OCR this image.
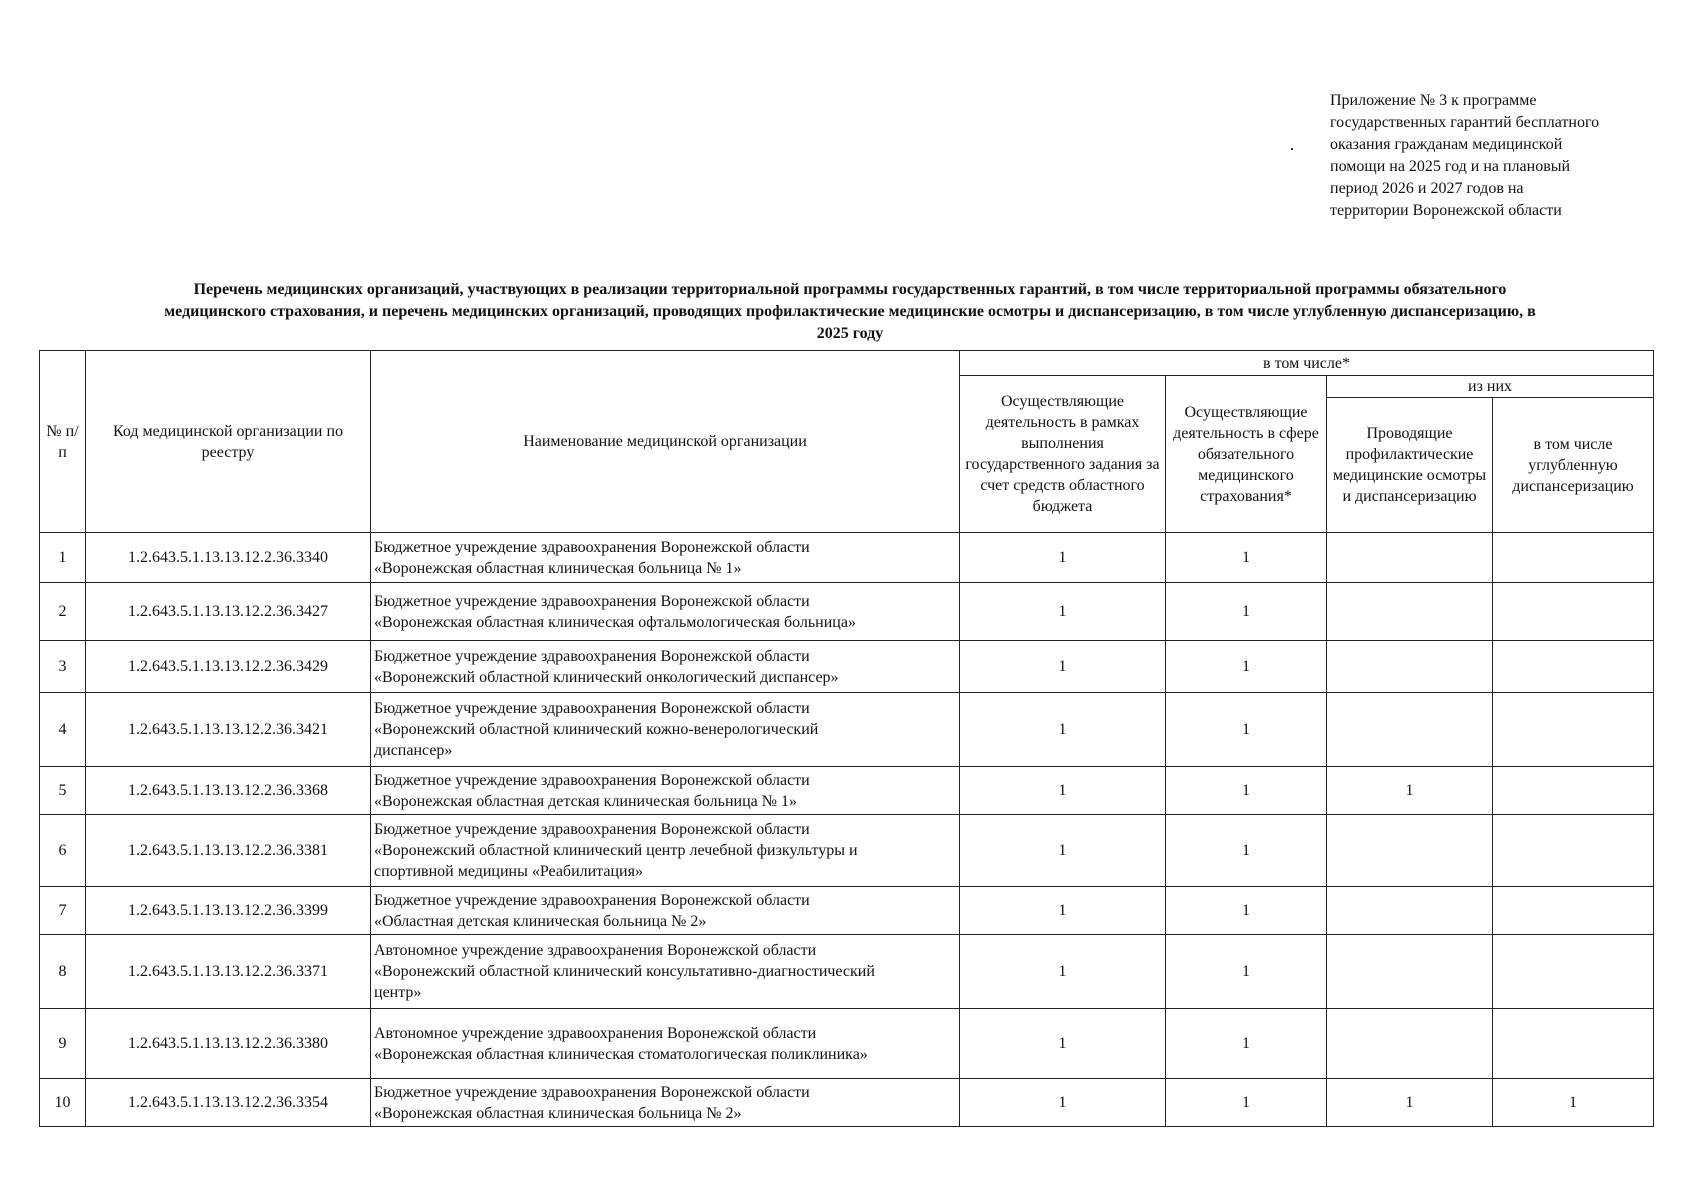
Приложение № 3 к программе
государственных гарантий бесплатного
оказания гражданам медицинской
помощи на 2025 год и на плановый
период 2026 и 2027 годов на
территории Воронежской области
Перечень медицинских организаций, участвующих в реализации территориальной программы государственных гарантий, в том числе территориальной программы обязательного
медицинского страхования, и перечень медицинских организаций, проводящих профилактические медицинские осмотры и диспансеризацию, в том числе углубленную диспансеризацию, в
2025 году
№ п/п	Код медицинской организации по реестру	Наименование медицинской организации	в том числе*			
			Осуществляющие деятельность в рамках выполнения государственного задания за счет средств областного бюджета	Осуществляющие деятельность в сфере обязательного медицинского страхования*	из них	
					Проводящие профилактические медицинские осмотры и диспансеризацию	в том числе углубленную диспансеризацию
1	1.2.643.5.1.13.13.12.2.36.3340	Бюджетное учреждение здравоохранения Воронежской области
«Воронежская областная клиническая больница № 1»	1	1		
2	1.2.643.5.1.13.13.12.2.36.3427	Бюджетное учреждение здравоохранения Воронежской области
«Воронежская областная клиническая офтальмологическая больница»	1	1		
3	1.2.643.5.1.13.13.12.2.36.3429	Бюджетное учреждение здравоохранения Воронежской области
«Воронежский областной клинический онкологический диспансер»	1	1		
4	1.2.643.5.1.13.13.12.2.36.3421	Бюджетное учреждение здравоохранения Воронежской области
«Воронежский областной клинический кожно-венерологический
диспансер»	1	1		
5	1.2.643.5.1.13.13.12.2.36.3368	Бюджетное учреждение здравоохранения Воронежской области
«Воронежская областная детская клиническая больница № 1»	1	1	1	
6	1.2.643.5.1.13.13.12.2.36.3381	Бюджетное учреждение здравоохранения Воронежской области
«Воронежский областной клинический центр лечебной физкультуры и
спортивной медицины «Реабилитация»	1	1		
7	1.2.643.5.1.13.13.12.2.36.3399	Бюджетное учреждение здравоохранения Воронежской области
«Областная детская клиническая больница № 2»	1	1		
8	1.2.643.5.1.13.13.12.2.36.3371	Автономное учреждение здравоохранения Воронежской области
«Воронежский областной клинический консультативно-диагностический
центр»	1	1		
9	1.2.643.5.1.13.13.12.2.36.3380	Автономное учреждение здравоохранения Воронежской области
«Воронежская областная клиническая стоматологическая поликлиника»	1	1		
10	1.2.643.5.1.13.13.12.2.36.3354	Бюджетное учреждение здравоохранения Воронежской области
«Воронежская областная клиническая больница № 2»	1	1	1	1
